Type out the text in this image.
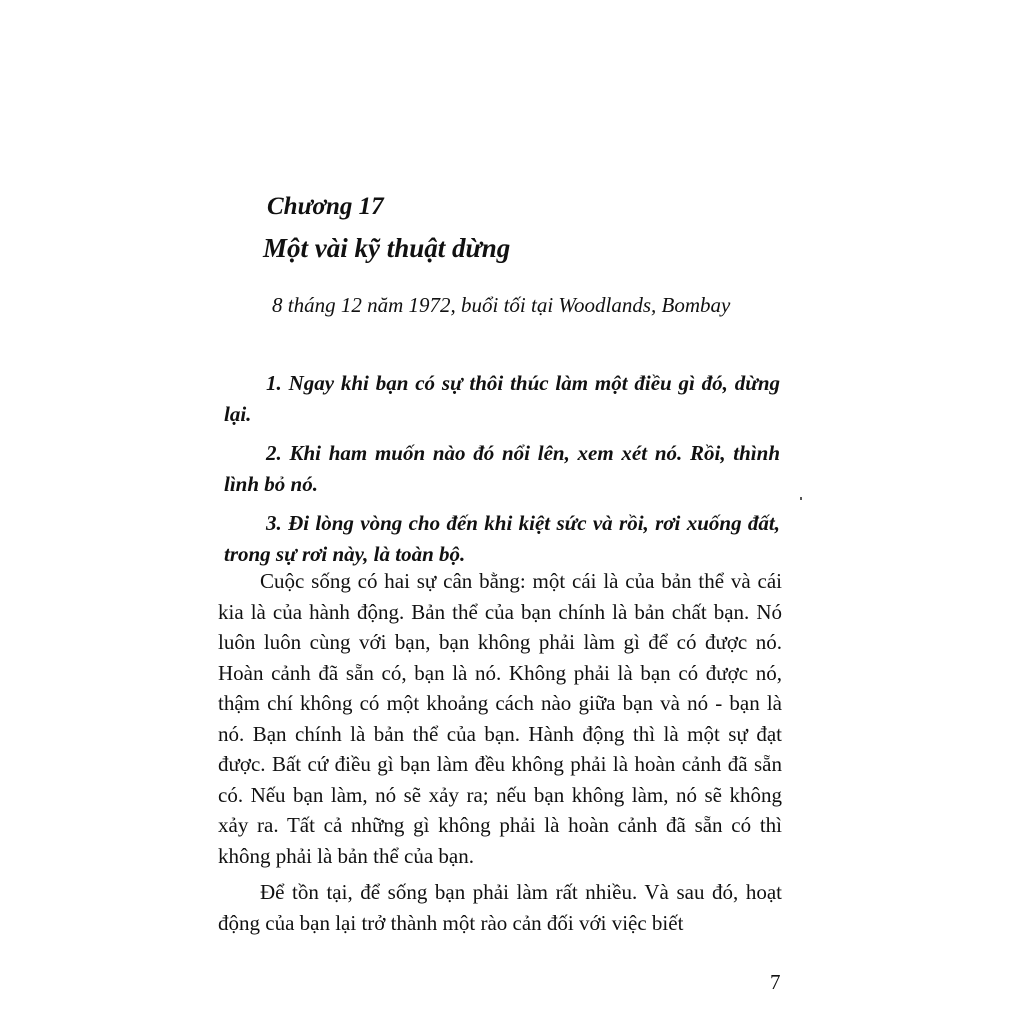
Chương 17
Một vài kỹ thuật dừng
8 tháng 12 năm 1972, buổi tối tại Woodlands, Bombay

1. Ngay khi bạn có sự thôi thúc làm một điều gì đó, dừng lại.

2. Khi ham muốn nào đó nổi lên, xem xét nó. Rồi, thình lình bỏ nó.

3. Đi lòng vòng cho đến khi kiệt sức và rồi, rơi xuống đất, trong sự rơi này, là toàn bộ.

Cuộc sống có hai sự cân bằng: một cái là của bản thể và cái kia là của hành động. Bản thể của bạn chính là bản chất bạn. Nó luôn luôn cùng với bạn, bạn không phải làm gì để có được nó. Hoàn cảnh đã sẵn có, bạn là nó. Không phải là bạn có được nó, thậm chí không có một khoảng cách nào giữa bạn và nó - bạn là nó. Bạn chính là bản thể của bạn. Hành động thì là một sự đạt được. Bất cứ điều gì bạn làm đều không phải là hoàn cảnh đã sẵn có. Nếu bạn làm, nó sẽ xảy ra; nếu bạn không làm, nó sẽ không xảy ra. Tất cả những gì không phải là hoàn cảnh đã sẵn có thì không phải là bản thể của bạn.

Để tồn tại, để sống bạn phải làm rất nhiều. Và sau đó, hoạt động của bạn lại trở thành một rào cản đối với việc biết

7
